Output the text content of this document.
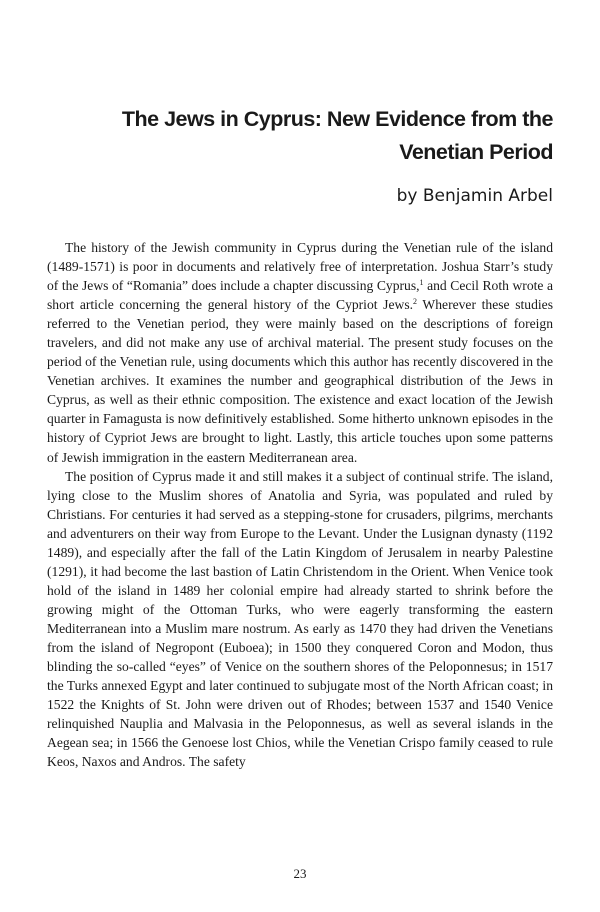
The Jews in Cyprus: New Evidence from the
Venetian Period
by Benjamin Arbel

The history of the Jewish community in Cyprus during the Venetian rule of the island (1489-1571) is poor in documents and relatively free of interpretation. Joshua Starr’s study of the Jews of “Romania” does include a chapter discussing Cyprus,$^1$ and Cecil Roth wrote a short article concerning the general history of the Cypriot Jews.$^2$ Wherever these studies referred to the Venetian period, they were mainly based on the descriptions of foreign travelers, and did not make any use of archival material. The present study focuses on the period of the Venetian rule, using documents which this author has recently discovered in the Venetian archives. It examines the number and geographical distribution of the Jews in Cyprus, as well as their ethnic composition. The existence and exact location of the Jewish quarter in Famagusta is now definitively established. Some hitherto unknown episodes in the history of Cypriot Jews are brought to light. Lastly, this article touches upon some patterns of Jewish immigration in the eastern Mediterranean area.

The position of Cyprus made it and still makes it a subject of continual strife. The island, lying close to the Muslim shores of Anatolia and Syria, was populated and ruled by Christians. For centuries it had served as a stepping-stone for crusaders, pilgrims, merchants and adventurers on their way from Europe to the Levant. Under the Lusignan dynasty (1192 1489), and especially after the fall of the Latin Kingdom of Jerusalem in nearby Palestine (1291), it had become the last bastion of Latin Christendom in the Orient. When Venice took hold of the island in 1489 her colonial empire had already started to shrink before the growing might of the Ottoman Turks, who were eagerly transforming the eastern Mediterranean into a Muslim mare nostrum. As early as 1470 they had driven the Venetians from the island of Negropont (Euboea); in 1500 they conquered Coron and Modon, thus blinding the so-called “eyes” of Venice on the southern shores of the Peloponnesus; in 1517 the Turks annexed Egypt and later continued to subjugate most of the North African coast; in 1522 the Knights of St. John were driven out of Rhodes; between 1537 and 1540 Venice relinquished Nauplia and Malvasia in the Peloponnesus, as well as several islands in the Aegean sea; in 1566 the Genoese lost Chios, while the Venetian Crispo family ceased to rule Keos, Naxos and Andros. The safety

23
